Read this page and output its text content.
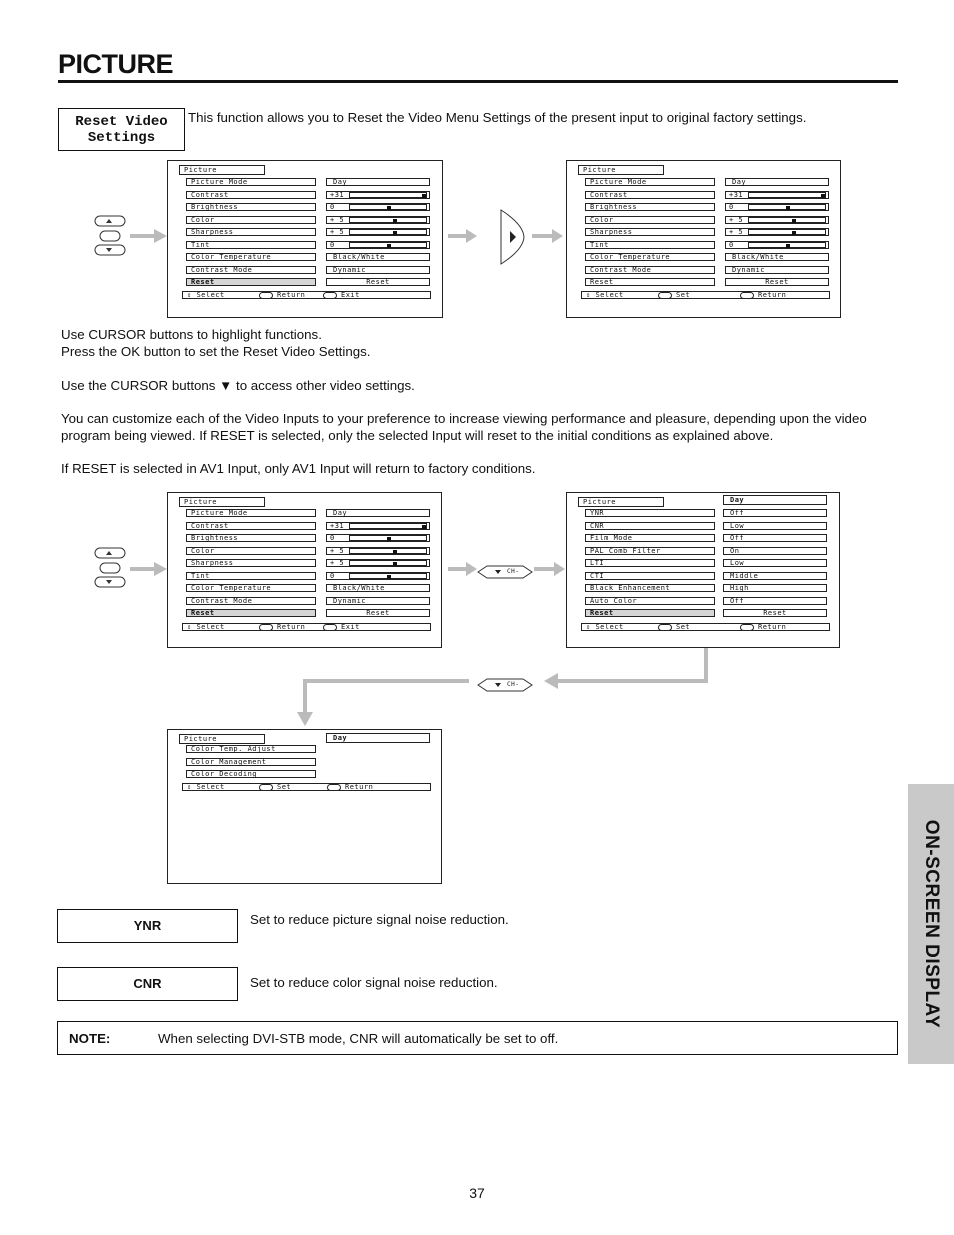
PICTURE
Reset Video Settings
This function allows you to Reset the Video Menu Settings of the present input to original factory settings.
Picture
Picture Mode	Day
Contrast	+31
Brightness	0
Color	+ 5
Sharpness	+ 5
Tint	0
Color Temperature	Black/White
Contrast Mode	Dynamic
Reset	Reset
⇕ Select	Return	Exit
Picture
Picture Mode	Day
Contrast	+31
Brightness	0
Color	+ 5
Sharpness	+ 5
Tint	0
Color Temperature	Black/White
Contrast Mode	Dynamic
Reset	Reset
⇕ Select	Set	Return
Use CURSOR buttons to highlight functions.
Press the OK button to set the Reset Video Settings.
Use the CURSOR buttons ▼ to access other video settings.
You can customize each of the Video Inputs to your preference to increase viewing performance and pleasure, depending upon the video program being viewed. If RESET is selected, only the selected Input will reset to the initial conditions as explained above.
If RESET is selected in AV1 Input, only AV1 Input will return to factory conditions.
Picture
Picture Mode	Day
Contrast	+31
Brightness	0
Color	+ 5
Sharpness	+ 5
Tint	0
Color Temperature	Black/White
Contrast Mode	Dynamic
Reset	Reset
⇕ Select	Return	Exit
CH-
Picture	Day
YNR	Off
CNR	Low
Film Mode	Off
PAL Comb Filter	On
LTI	Low
CTI	Middle
Black Enhancement	High
Auto Color	Off
Reset	Reset
⇕ Select	Set	Return
CH-
Picture	Day
Color Temp. Adjust
Color Management
Color Decoding
⇕ Select	Set	Return
YNR	Set to reduce picture signal noise reduction.
CNR	Set to reduce color signal noise reduction.
NOTE:	When selecting DVI-STB mode, CNR will automatically be set to off.
ON-SCREEN DISPLAY
37
